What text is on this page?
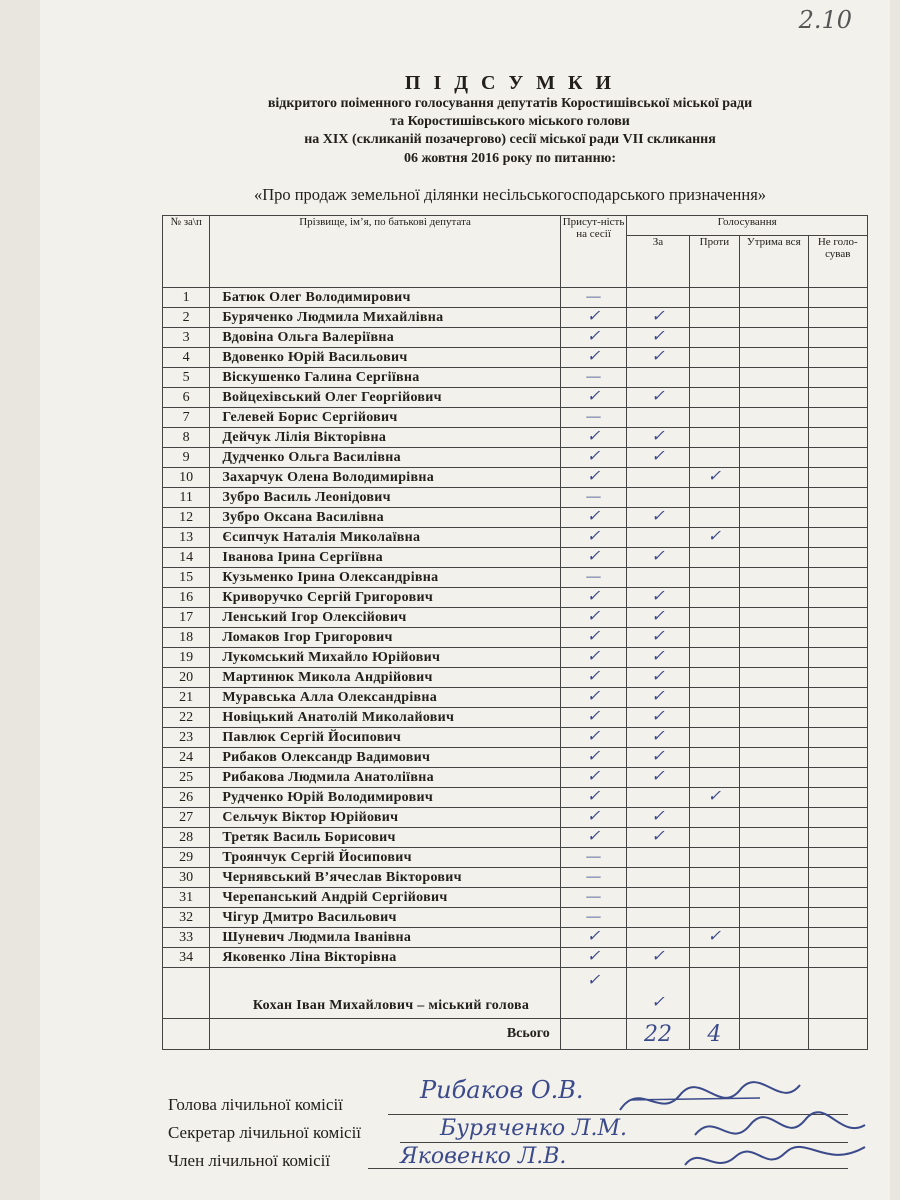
2.10
П І Д С У М К И
відкритого поіменного голосування депутатів Коростишівської міської ради
та Коростишівського міського голови
на XIX (скликаній позачергово) сесії міської ради VII скликання
06 жовтня 2016 року по питанню:
«Про продаж земельної ділянки несільськогосподарського призначення»
№ за\п	Прізвище, ім’я, по батькові депутата	Присут-ність на сесії	Голосування			
			За	Проти	Утрима вся	Не голо-сував
1	Батюк Олег Володимирович	—				
2	Буряченко Людмила Михайлівна	✓	✓			
3	Вдовіна Ольга Валеріївна	✓	✓			
4	Вдовенко Юрій Васильович	✓	✓			
5	Віскушенко Галина Сергіївна	—				
6	Войцехівський Олег Георгійович	✓	✓			
7	Гелевей Борис Сергійович	—				
8	Дейчук Лілія Вікторівна	✓	✓			
9	Дудченко Ольга Василівна	✓	✓			
10	Захарчук Олена Володимирівна	✓		✓		
11	Зубро Василь Леонідович	—				
12	Зубро Оксана Василівна	✓	✓			
13	Єсипчук Наталія Миколаївна	✓		✓		
14	Іванова Ірина Сергіївна	✓	✓			
15	Кузьменко Ірина Олександрівна	—				
16	Криворучко Сергій Григорович	✓	✓			
17	Ленський Ігор Олексійович	✓	✓			
18	Ломаков Ігор Григорович	✓	✓			
19	Лукомський Михайло Юрійович	✓	✓			
20	Мартинюк Микола Андрійович	✓	✓			
21	Муравська Алла Олександрівна	✓	✓			
22	Новіцький Анатолій Миколайович	✓	✓			
23	Павлюк Сергій Йосипович	✓	✓			
24	Рибаков Олександр Вадимович	✓	✓			
25	Рибакова Людмила Анатоліївна	✓	✓			
26	Рудченко Юрій Володимирович	✓		✓		
27	Сельчук Віктор Юрійович	✓	✓			
28	Третяк Василь Борисович	✓	✓			
29	Троянчук Сергій Йосипович	—				
30	Чернявський В’ячеслав Вікторович	—				
31	Черепанський Андрій Сергійович	—				
32	Чігур Дмитро Васильович	—				
33	Шуневич Людмила Іванівна	✓		✓		
34	Яковенко Ліна Вікторівна	✓	✓			
	Кохан Іван Михайлович – міський голова	✓	✓			
	Всього		22	4		
Голова лічильної комісії
Рибаков О.В.
Секретар лічильної комісії	Буряченко Л.М.
Член лічильної комісії	Яковенко Л.В.
